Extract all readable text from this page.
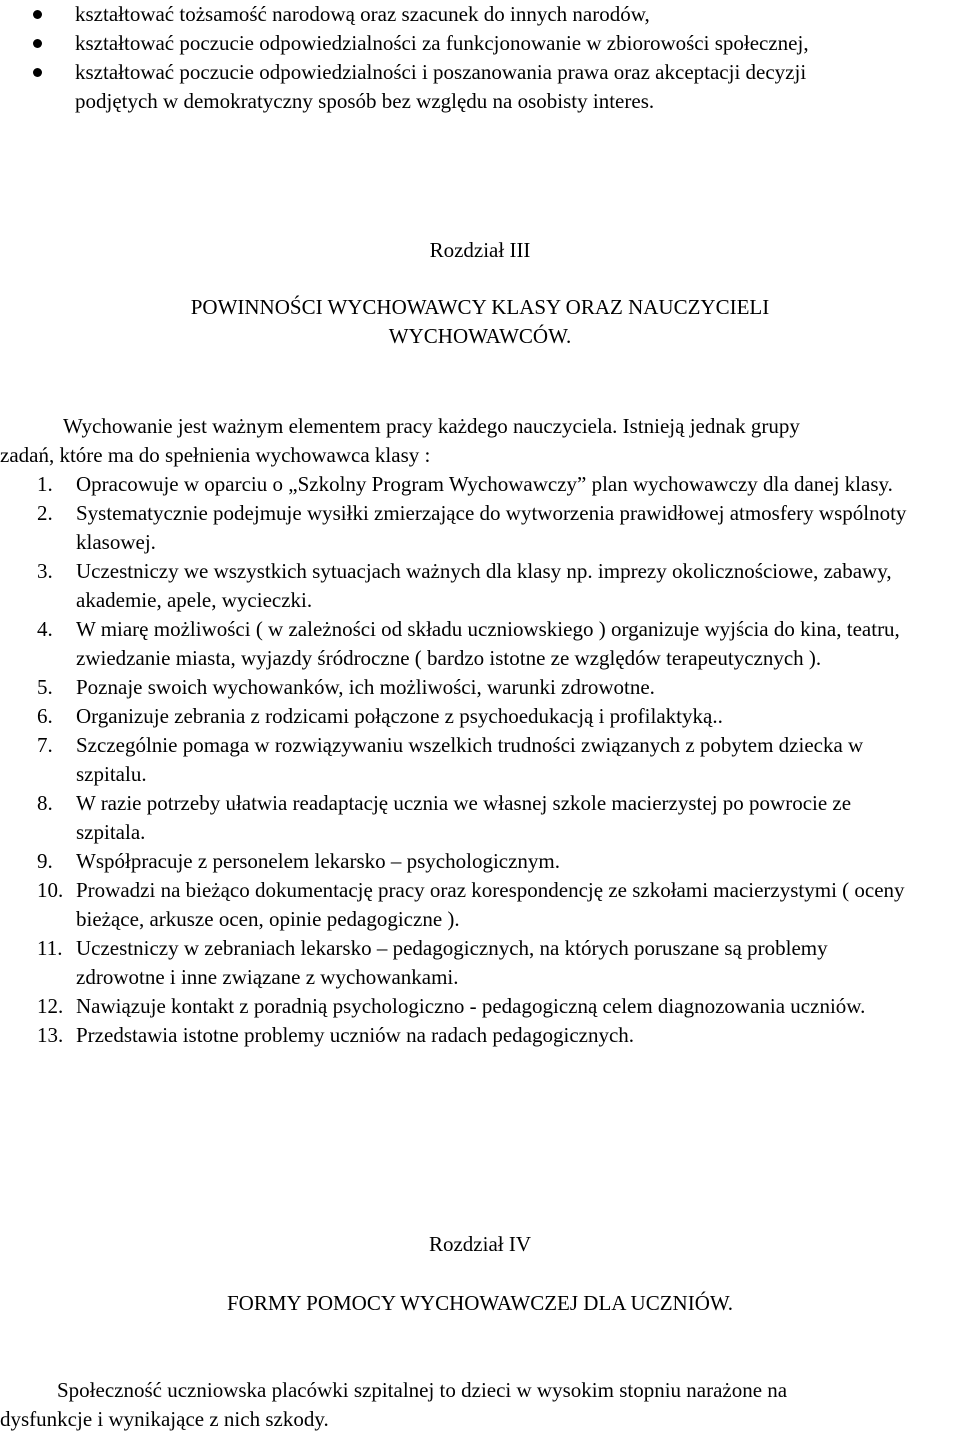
kształtować tożsamość narodową oraz szacunek do innych narodów,
kształtować poczucie odpowiedzialności za funkcjonowanie w zbiorowości społecznej,
kształtować poczucie odpowiedzialności i poszanowania prawa oraz akceptacji decyzji podjętych w demokratyczny sposób bez względu na osobisty interes.
Rozdział III
POWINNOŚCI WYCHOWAWCY KLASY ORAZ NAUCZYCIELI
WYCHOWAWCÓW.
Wychowanie jest ważnym elementem pracy każdego nauczyciela. Istnieją jednak grupy
zadań, które ma do spełnienia wychowawca klasy :
1. Opracowuje w oparciu o „Szkolny Program Wychowawczy” plan wychowawczy dla danej klasy.
2. Systematycznie podejmuje wysiłki zmierzające do wytworzenia prawidłowej atmosfery wspólnoty klasowej.
3. Uczestniczy we wszystkich sytuacjach ważnych dla klasy np. imprezy okolicznościowe, zabawy, akademie, apele, wycieczki.
4. W miarę możliwości ( w zależności od składu uczniowskiego ) organizuje wyjścia do kina, teatru, zwiedzanie miasta, wyjazdy śródroczne ( bardzo istotne ze względów terapeutycznych ).
5. Poznaje swoich wychowanków, ich możliwości, warunki zdrowotne.
6. Organizuje zebrania z rodzicami połączone z psychoedukacją i profilaktyką..
7. Szczególnie pomaga w rozwiązywaniu wszelkich trudności związanych z pobytem dziecka w szpitalu.
8. W razie potrzeby ułatwia readaptację ucznia we własnej szkole macierzystej po powrocie ze szpitala.
9. Współpracuje z personelem lekarsko – psychologicznym.
10. Prowadzi na bieżąco dokumentację pracy oraz korespondencję ze szkołami macierzystymi ( oceny bieżące, arkusze ocen, opinie pedagogiczne ).
11. Uczestniczy w zebraniach lekarsko – pedagogicznych, na których poruszane są problemy zdrowotne i inne związane z wychowankami.
12. Nawiązuje kontakt z poradnią psychologiczno - pedagogiczną celem diagnozowania uczniów.
13. Przedstawia istotne problemy uczniów na radach pedagogicznych.
Rozdział IV
FORMY POMOCY WYCHOWAWCZEJ DLA UCZNIÓW.
Społeczność uczniowska placówki szpitalnej to dzieci w wysokim stopniu narażone na
dysfunkcje i wynikające z nich szkody.
